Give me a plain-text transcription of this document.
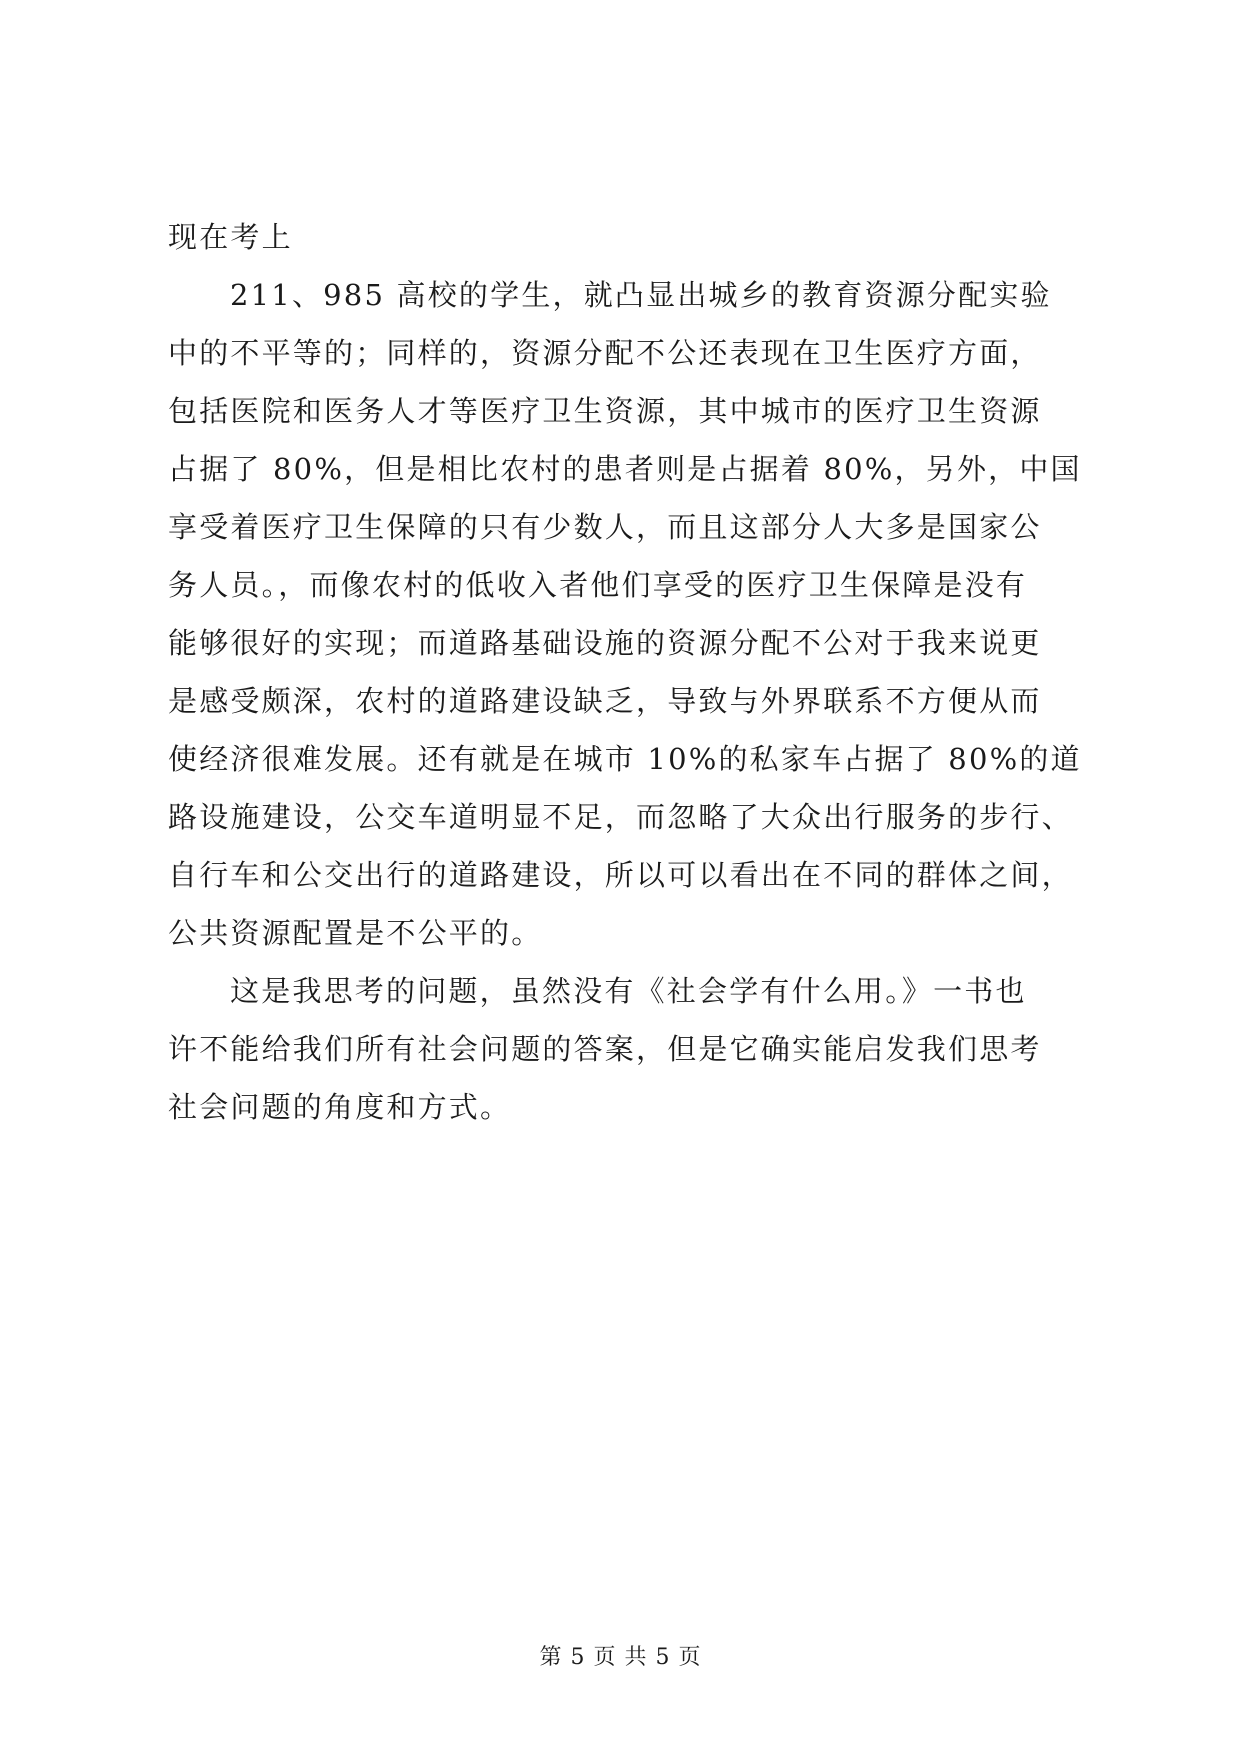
现在考上
211、985 高校的学生，就凸显出城乡的教育资源分配实验
中的不平等的；同样的，资源分配不公还表现在卫生医疗方面，
包括医院和医务人才等医疗卫生资源，其中城市的医疗卫生资源
占据了 80%，但是相比农村的患者则是占据着 80%，另外，中国
享受着医疗卫生保障的只有少数人，而且这部分人大多是国家公
务人员。，而像农村的低收入者他们享受的医疗卫生保障是没有
能够很好的实现；而道路基础设施的资源分配不公对于我来说更
是感受颇深，农村的道路建设缺乏，导致与外界联系不方便从而
使经济很难发展。还有就是在城市 10%的私家车占据了 80%的道
路设施建设，公交车道明显不足，而忽略了大众出行服务的步行、
自行车和公交出行的道路建设，所以可以看出在不同的群体之间，
公共资源配置是不公平的。
这是我思考的问题，虽然没有《社会学有什么用。》一书也
许不能给我们所有社会问题的答案，但是它确实能启发我们思考
社会问题的角度和方式。
第 5 页 共 5 页
